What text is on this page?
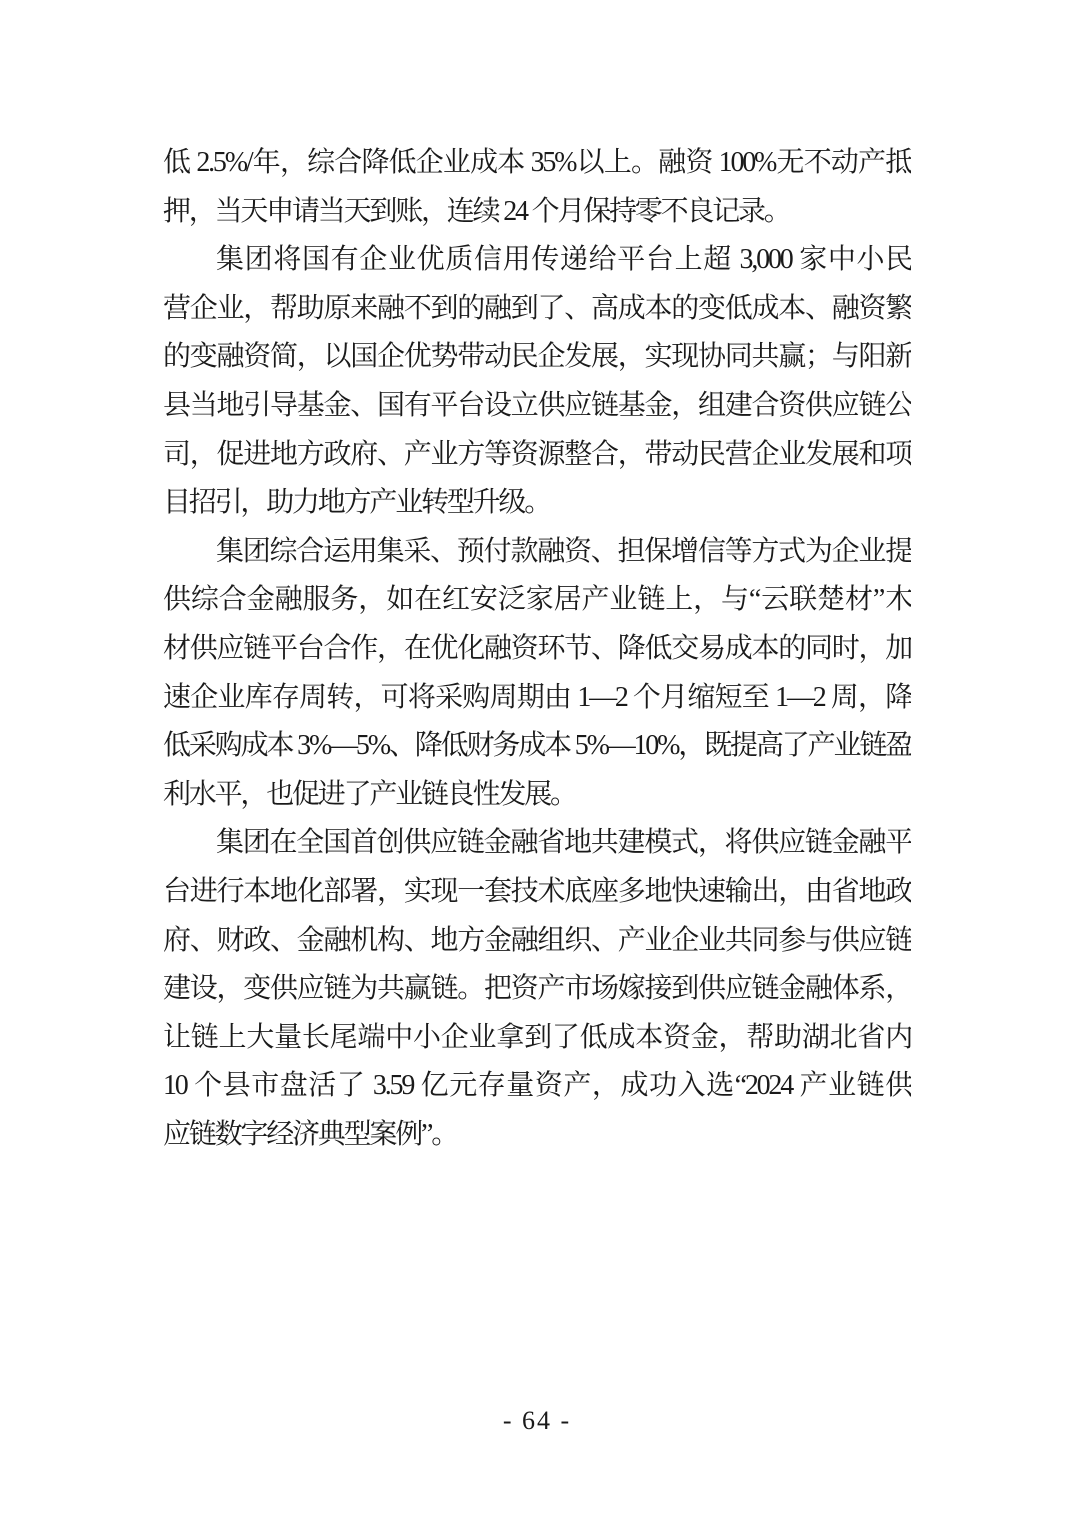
低 2.5%/年，综合降低企业成本 35%以上。融资 100%无不动产抵
押，当天申请当天到账，连续 24 个月保持零不良记录。
集团将国有企业优质信用传递给平台上超 3,000 家中小民
营企业，帮助原来融不到的融到了、高成本的变低成本、融资繁
的变融资简，以国企优势带动民企发展，实现协同共赢；与阳新
县当地引导基金、国有平台设立供应链基金，组建合资供应链公
司，促进地方政府、产业方等资源整合，带动民营企业发展和项
目招引，助力地方产业转型升级。
集团综合运用集采、预付款融资、担保增信等方式为企业提
供综合金融服务，如在红安泛家居产业链上，与“云联楚材”木
材供应链平台合作，在优化融资环节、降低交易成本的同时，加
速企业库存周转，可将采购周期由 1—2 个月缩短至 1—2 周，降
低采购成本 3%—5%、降低财务成本 5%—10%，既提高了产业链盈
利水平，也促进了产业链良性发展。
集团在全国首创供应链金融省地共建模式，将供应链金融平
台进行本地化部署，实现一套技术底座多地快速输出，由省地政
府、财政、金融机构、地方金融组织、产业企业共同参与供应链
建设，变供应链为共赢链。把资产市场嫁接到供应链金融体系，
让链上大量长尾端中小企业拿到了低成本资金，帮助湖北省内
10 个县市盘活了 3.59 亿元存量资产，成功入选“2024 产业链供
应链数字经济典型案例”。
- 64 -
